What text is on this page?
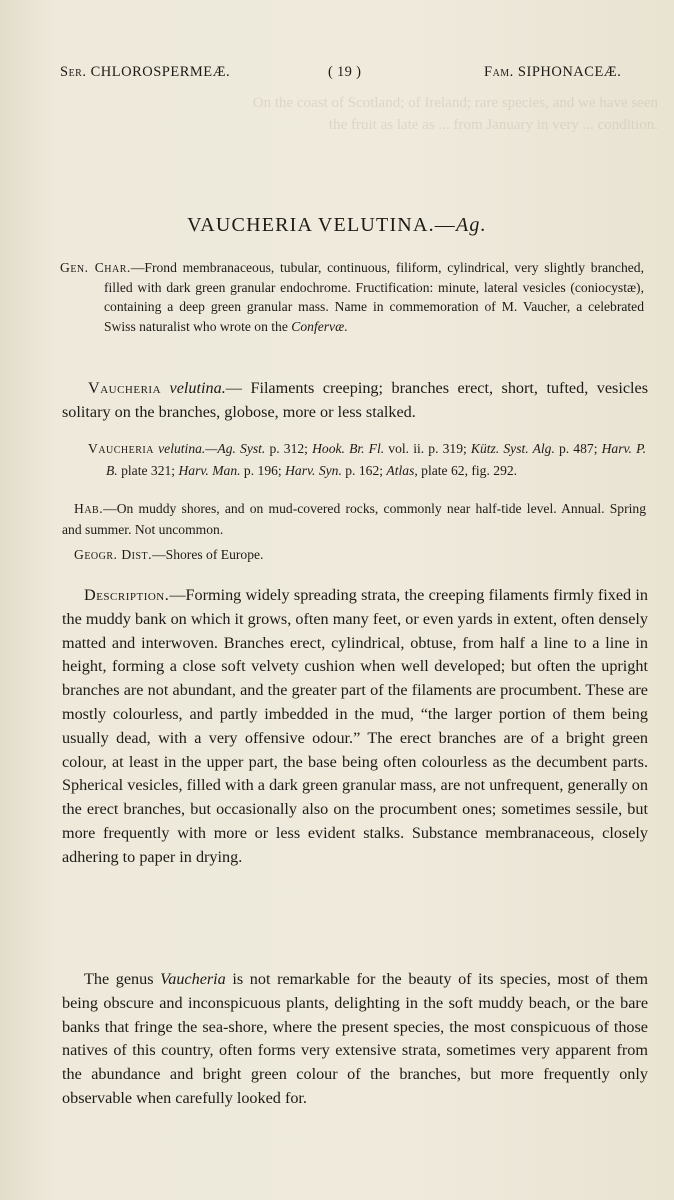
Ser. CHLOROSPERMEÆ.	( 19 )	Fam. SIPHONACEÆ.
On the coast of Scotland; of Ireland; rare species, and we have seen the fruit as late as ... from January in very ... condition.
VAUCHERIA VELUTINA.—Ag.
Gen. Char.—Frond membranaceous, tubular, continuous, filiform, cylindrical, very slightly branched, filled with dark green granular endochrome. Fructification: minute, lateral vesicles (coniocystæ), containing a deep green granular mass. Name in commemoration of M. Vaucher, a celebrated Swiss naturalist who wrote on the Confervæ.
Vaucheria velutina.— Filaments creeping; branches erect, short, tufted, vesicles solitary on the branches, globose, more or less stalked.
Vaucheria velutina.—Ag. Syst. p. 312; Hook. Br. Fl. vol. ii. p. 319; Kütz. Syst. Alg. p. 487; Harv. P. B. plate 321; Harv. Man. p. 196; Harv. Syn. p. 162; Atlas, plate 62, fig. 292.
Hab.—On muddy shores, and on mud-covered rocks, commonly near half-tide level. Annual. Spring and summer. Not uncommon.
Geogr. Dist.—Shores of Europe.
Description.—Forming widely spreading strata, the creeping filaments firmly fixed in the muddy bank on which it grows, often many feet, or even yards in extent, often densely matted and interwoven. Branches erect, cylindrical, obtuse, from half a line to a line in height, forming a close soft velvety cushion when well developed; but often the upright branches are not abundant, and the greater part of the filaments are procumbent. These are mostly colourless, and partly imbedded in the mud, “the larger portion of them being usually dead, with a very offensive odour.” The erect branches are of a bright green colour, at least in the upper part, the base being often colourless as the decumbent parts. Spherical vesicles, filled with a dark green granular mass, are not unfrequent, generally on the erect branches, but occasionally also on the procumbent ones; sometimes sessile, but more frequently with more or less evident stalks. Substance membranaceous, closely adhering to paper in drying.
The genus Vaucheria is not remarkable for the beauty of its species, most of them being obscure and inconspicuous plants, delighting in the soft muddy beach, or the bare banks that fringe the sea-shore, where the present species, the most conspicuous of those natives of this country, often forms very extensive strata, sometimes very apparent from the abundance and bright green colour of the branches, but more frequently only observable when carefully looked for.
